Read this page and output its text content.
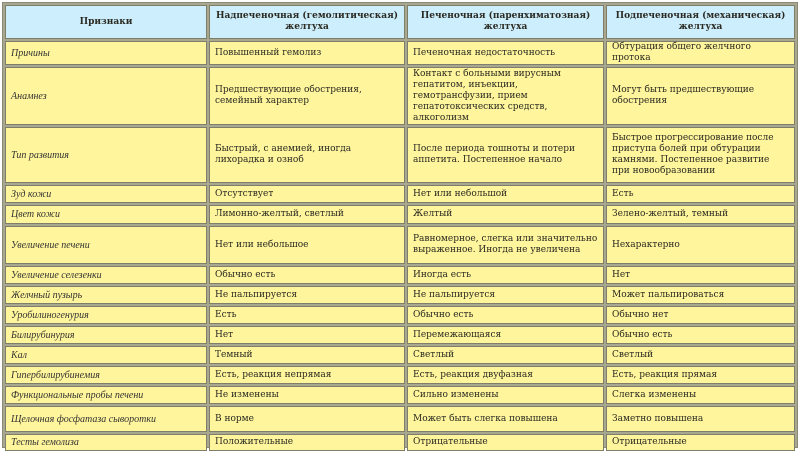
Признаки	Надпеченочная (гемолитическая) желтуха	Печеночная (паренхиматозная) желтуха	Подпеченочная (механическая) желтуха
Причины	Повышенный гемолиз	Печеночная недостаточность	Обтурация общего желчного протока
Анамнез	Предшествующие обострения, семейный характер	Контакт с больными вирусным гепатитом, инъекции, гемотрансфузии, прием гепатотоксических средств, алкоголизм	Могут быть предшествующие обострения
Тип развития	Быстрый, с анемией, иногда лихорадка и озноб	После периода тошноты и потери аппетита. Постепенное начало	Быстрое прогрессирование после приступа болей при обтурации камнями. Постепенное развитие при новообразовании
Зуд кожи	Отсутствует	Нет или небольшой	Есть
Цвет кожи	Лимонно-желтый, светлый	Желтый	Зелено-желтый, темный
Увеличение печени	Нет или небольшое	Равномерное, слегка или значительно выраженное. Иногда не увеличена	Нехарактерно
Увеличение селезенки	Обычно есть	Иногда есть	Нет
Желчный пузырь	Не пальпируется	Не пальпируется	Может пальпироваться
Уробилиногенурия	Есть	Обычно есть	Обычно нет
Билирубинурия	Нет	Перемежающаяся	Обычно есть
Кал	Темный	Светлый	Светлый
Гипербилирубинемия	Есть, реакция непрямая	Есть, реакция двуфазная	Есть, реакция прямая
Функциональные пробы печени	Не изменены	Сильно изменены	Слегка изменены
Щелочная фосфатаза сыворотки	В норме	Может быть слегка повышена	Заметно повышена
Тесты гемолиза	Положительные	Отрицательные	Отрицательные
